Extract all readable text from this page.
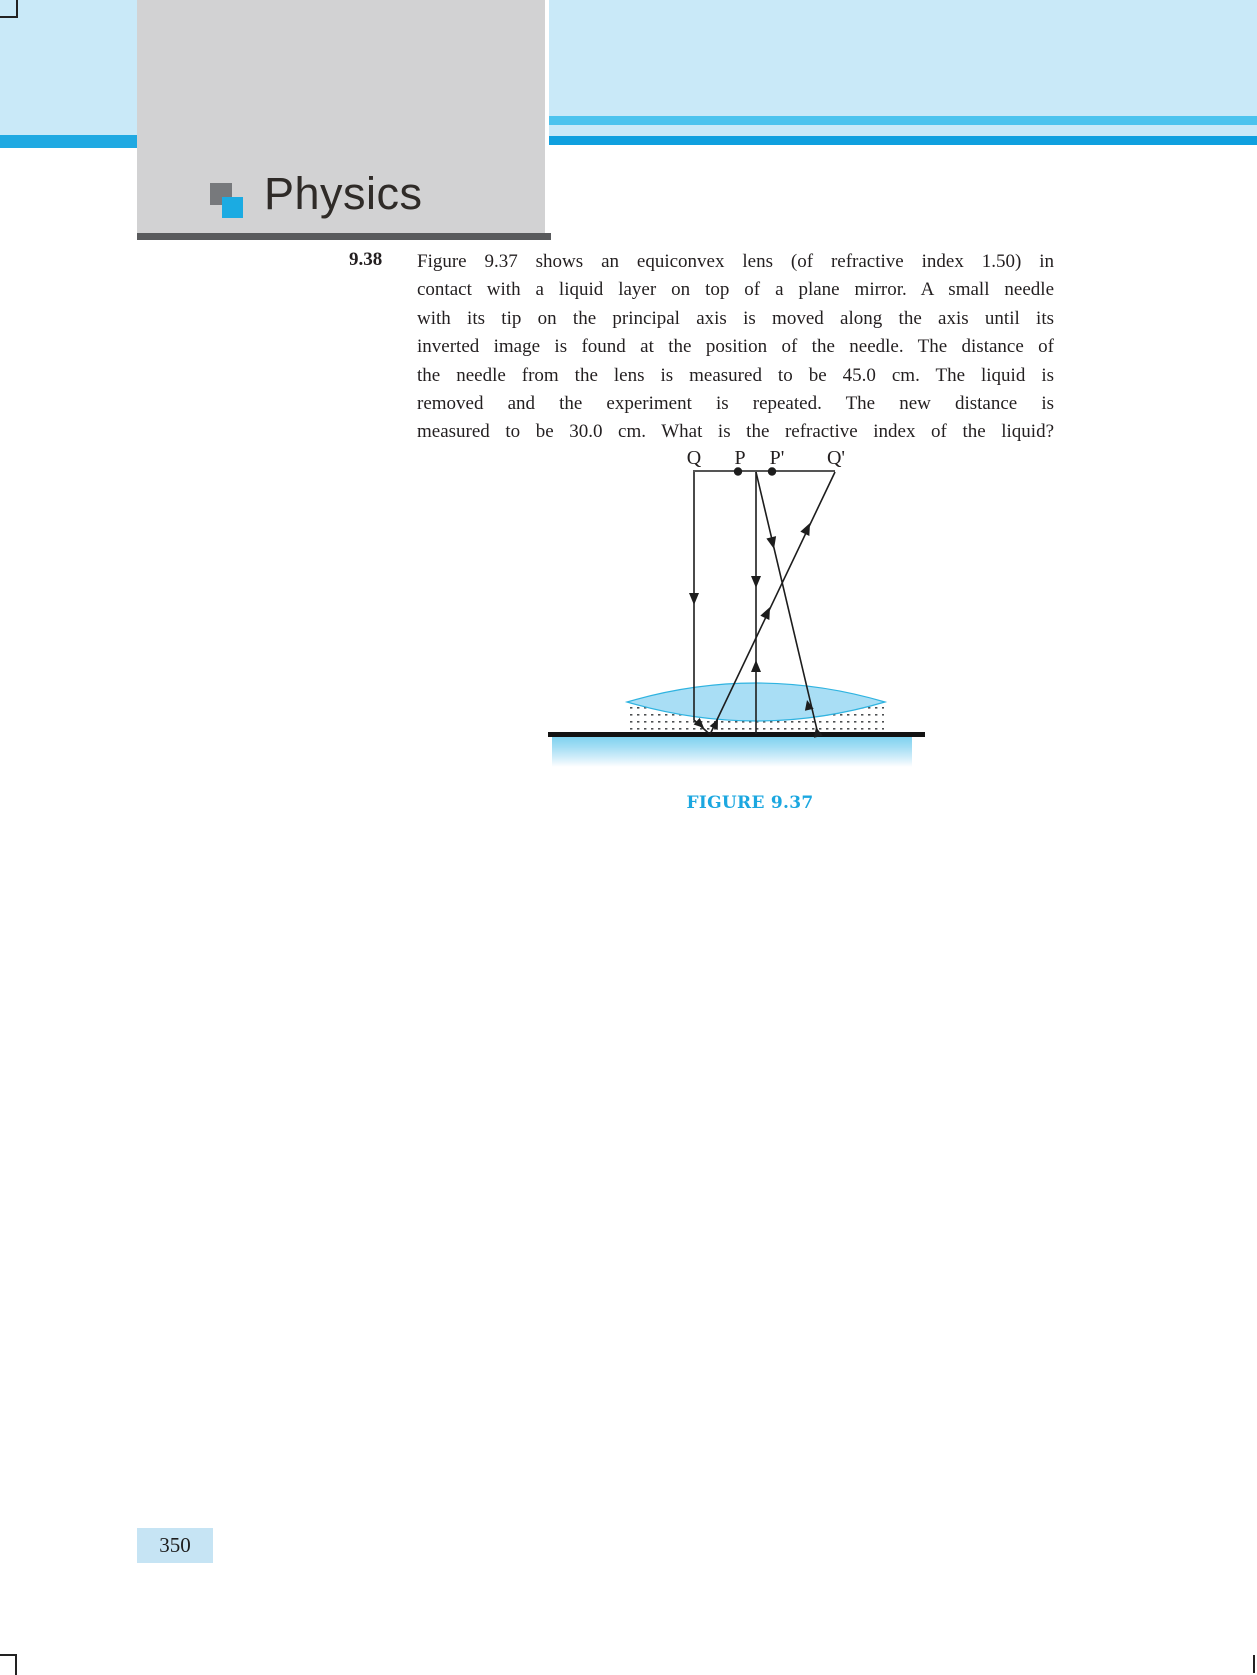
Physics
9.38 Figure 9.37 shows an equiconvex lens (of refractive index 1.50) in
contact with a liquid layer on top of a plane mirror. A small needle
with its tip on the principal axis is moved along the axis until its
inverted image is found at the position of the needle. The distance of
the needle from the lens is measured to be 45.0 cm. The liquid is
removed and the experiment is repeated. The new distance is
measured to be 30.0 cm. What is the refractive index of the liquid?
Q P P' Q'
FIGURE 9.37
350
